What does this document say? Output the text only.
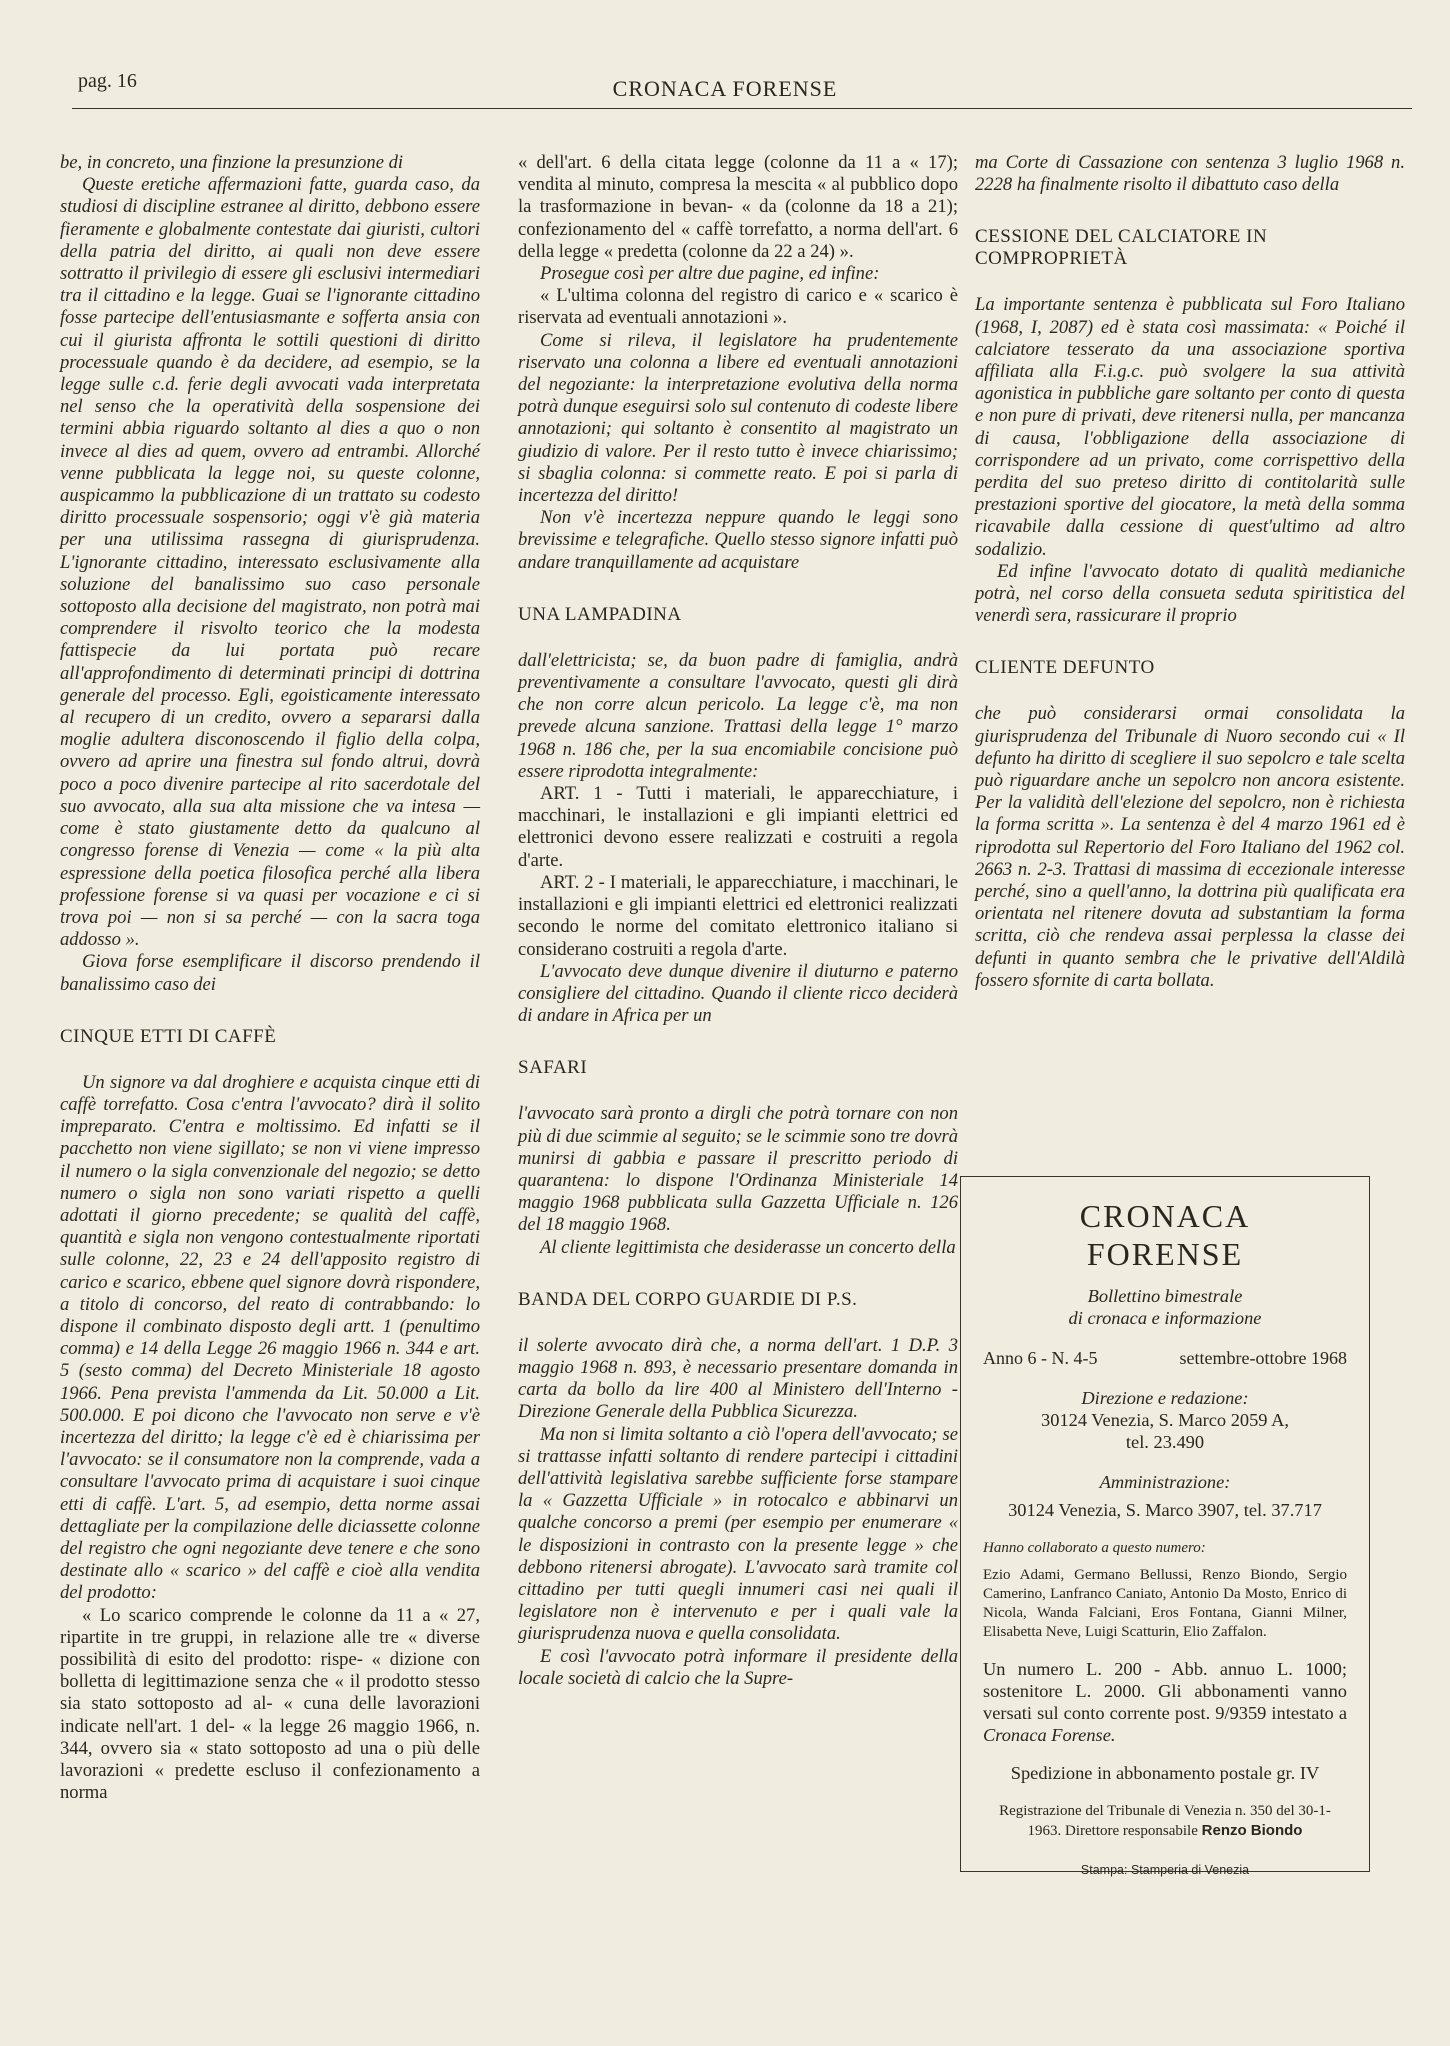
pag. 16	CRONACA FORENSE

be, in concreto, una finzione la presunzione di

Queste eretiche affermazioni fatte, guarda caso, da studiosi di discipline estranee al diritto, debbono essere fieramente e globalmente contestate dai giuristi, cultori della patria del diritto, ai quali non deve essere sottratto il privilegio di essere gli esclusivi intermediari tra il cittadino e la legge. Guai se l'ignorante cittadino fosse partecipe dell'entusiasmante e sofferta ansia con cui il giurista affronta le sottili questioni di diritto processuale quando è da decidere, ad esempio, se la legge sulle c.d. ferie degli avvocati vada interpretata nel senso che la operatività della sospensione dei termini abbia riguardo soltanto al dies a quo o non invece al dies ad quem, ovvero ad entrambi. Allorché venne pubblicata la legge noi, su queste colonne, auspicammo la pubblicazione di un trattato su codesto diritto processuale sospensorio; oggi v'è già materia per una utilissima rassegna di giurisprudenza. L'ignorante cittadino, interessato esclusivamente alla soluzione del banalissimo suo caso personale sottoposto alla decisione del magistrato, non potrà mai comprendere il risvolto teorico che la modesta fattispecie da lui portata può recare all'approfondimento di determinati principi di dottrina generale del processo. Egli, egoisticamente interessato al recupero di un credito, ovvero a separarsi dalla moglie adultera disconoscendo il figlio della colpa, ovvero ad aprire una finestra sul fondo altrui, dovrà poco a poco divenire partecipe al rito sacerdotale del suo avvocato, alla sua alta missione che va intesa — come è stato giustamente detto da qualcuno al congresso forense di Venezia — come « la più alta espressione della poetica filosofica perché alla libera professione forense si va quasi per vocazione e ci si trova poi — non si sa perché — con la sacra toga addosso ».

Giova forse esemplificare il discorso prendendo il banalissimo caso dei

CINQUE ETTI DI CAFFÈ

Un signore va dal droghiere e acquista cinque etti di caffè torrefatto. Cosa c'entra l'avvocato? dirà il solito impreparato. C'entra e moltissimo. Ed infatti se il pacchetto non viene sigillato; se non vi viene impresso il numero o la sigla convenzionale del negozio; se detto numero o sigla non sono variati rispetto a quelli adottati il giorno precedente; se qualità del caffè, quantità e sigla non vengono contestualmente riportati sulle colonne, 22, 23 e 24 dell'apposito registro di carico e scarico, ebbene quel signore dovrà rispondere, a titolo di concorso, del reato di contrabbando: lo dispone il combinato disposto degli artt. 1 (penultimo comma) e 14 della Legge 26 maggio 1966 n. 344 e art. 5 (sesto comma) del Decreto Ministeriale 18 agosto 1966. Pena prevista l'ammenda da Lit. 50.000 a Lit. 500.000. E poi dicono che l'avvocato non serve e v'è incertezza del diritto; la legge c'è ed è chiarissima per l'avvocato: se il consumatore non la comprende, vada a consultare l'avvocato prima di acquistare i suoi cinque etti di caffè. L'art. 5, ad esempio, detta norme assai dettagliate per la compilazione delle diciassette colonne del registro che ogni negoziante deve tenere e che sono destinate allo « scarico » del caffè e cioè alla vendita del prodotto:

« Lo scarico comprende le colonne da 11 a « 27, ripartite in tre gruppi, in relazione alle tre « diverse possibilità di esito del prodotto: rispe- « dizione con bolletta di legittimazione senza che « il prodotto stesso sia stato sottoposto ad al- « cuna delle lavorazioni indicate nell'art. 1 del- « la legge 26 maggio 1966, n. 344, ovvero sia « stato sottoposto ad una o più delle lavorazioni « predette escluso il confezionamento a norma

« dell'art. 6 della citata legge (colonne da 11 a « 17); vendita al minuto, compresa la mescita « al pubblico dopo la trasformazione in bevan- « da (colonne da 18 a 21); confezionamento del « caffè torrefatto, a norma dell'art. 6 della legge « predetta (colonne da 22 a 24) ».

Prosegue così per altre due pagine, ed infine:

« L'ultima colonna del registro di carico e « scarico è riservata ad eventuali annotazioni ».

Come si rileva, il legislatore ha prudentemente riservato una colonna a libere ed eventuali annotazioni del negoziante: la interpretazione evolutiva della norma potrà dunque eseguirsi solo sul contenuto di codeste libere annotazioni; qui soltanto è consentito al magistrato un giudizio di valore. Per il resto tutto è invece chiarissimo; si sbaglia colonna: si commette reato. E poi si parla di incertezza del diritto!

Non v'è incertezza neppure quando le leggi sono brevissime e telegrafiche. Quello stesso signore infatti può andare tranquillamente ad acquistare

UNA LAMPADINA

dall'elettricista; se, da buon padre di famiglia, andrà preventivamente a consultare l'avvocato, questi gli dirà che non corre alcun pericolo. La legge c'è, ma non prevede alcuna sanzione. Trattasi della legge 1° marzo 1968 n. 186 che, per la sua encomiabile concisione può essere riprodotta integralmente:

ART. 1 - Tutti i materiali, le apparecchiature, i macchinari, le installazioni e gli impianti elettrici ed elettronici devono essere realizzati e costruiti a regola d'arte.

ART. 2 - I materiali, le apparecchiature, i macchinari, le installazioni e gli impianti elettrici ed elettronici realizzati secondo le norme del comitato elettronico italiano si considerano costruiti a regola d'arte.

L'avvocato deve dunque divenire il diuturno e paterno consigliere del cittadino. Quando il cliente ricco deciderà di andare in Africa per un

SAFARI

l'avvocato sarà pronto a dirgli che potrà tornare con non più di due scimmie al seguito; se le scimmie sono tre dovrà munirsi di gabbia e passare il prescritto periodo di quarantena: lo dispone l'Ordinanza Ministeriale 14 maggio 1968 pubblicata sulla Gazzetta Ufficiale n. 126 del 18 maggio 1968.

Al cliente legittimista che desiderasse un concerto della

BANDA DEL CORPO GUARDIE DI P.S.

il solerte avvocato dirà che, a norma dell'art. 1 D.P. 3 maggio 1968 n. 893, è necessario presentare domanda in carta da bollo da lire 400 al Ministero dell'Interno - Direzione Generale della Pubblica Sicurezza.

Ma non si limita soltanto a ciò l'opera dell'avvocato; se si trattasse infatti soltanto di rendere partecipi i cittadini dell'attività legislativa sarebbe sufficiente forse stampare la « Gazzetta Ufficiale » in rotocalco e abbinarvi un qualche concorso a premi (per esempio per enumerare « le disposizioni in contrasto con la presente legge » che debbono ritenersi abrogate). L'avvocato sarà tramite col cittadino per tutti quegli innumeri casi nei quali il legislatore non è intervenuto e per i quali vale la giurisprudenza nuova e quella consolidata.

E così l'avvocato potrà informare il presidente della locale società di calcio che la Supre-

ma Corte di Cassazione con sentenza 3 luglio 1968 n. 2228 ha finalmente risolto il dibattuto caso della

CESSIONE DEL CALCIATORE IN COMPROPRIETÀ

La importante sentenza è pubblicata sul Foro Italiano (1968, I, 2087) ed è stata così massimata: « Poiché il calciatore tesserato da una associazione sportiva affiliata alla F.i.g.c. può svolgere la sua attività agonistica in pubbliche gare soltanto per conto di questa e non pure di privati, deve ritenersi nulla, per mancanza di causa, l'obbligazione della associazione di corrispondere ad un privato, come corrispettivo della perdita del suo preteso diritto di contitolarità sulle prestazioni sportive del giocatore, la metà della somma ricavabile dalla cessione di quest'ultimo ad altro sodalizio.

Ed infine l'avvocato dotato di qualità medianiche potrà, nel corso della consueta seduta spiritistica del venerdì sera, rassicurare il proprio

CLIENTE DEFUNTO

che può considerarsi ormai consolidata la giurisprudenza del Tribunale di Nuoro secondo cui « Il defunto ha diritto di scegliere il suo sepolcro e tale scelta può riguardare anche un sepolcro non ancora esistente. Per la validità dell'elezione del sepolcro, non è richiesta la forma scritta ». La sentenza è del 4 marzo 1961 ed è riprodotta sul Repertorio del Foro Italiano del 1962 col. 2663 n. 2-3. Trattasi di massima di eccezionale interesse perché, sino a quell'anno, la dottrina più qualificata era orientata nel ritenere dovuta ad substantiam la forma scritta, ciò che rendeva assai perplessa la classe dei defunti in quanto sembra che le privative dell'Aldilà fossero sfornite di carta bollata.

CRONACA
FORENSE
Bollettino bimestrale
di cronaca e informazione
Anno 6 - N. 4-5	settembre-ottobre 1968
Direzione e redazione:
30124 Venezia, S. Marco 2059 A,
tel. 23.490
Amministrazione:
30124 Venezia, S. Marco 3907, tel. 37.717
Hanno collaborato a questo numero:
Ezio Adami, Germano Bellussi, Renzo Biondo, Sergio Camerino, Lanfranco Caniato, Antonio Da Mosto, Enrico di Nicola, Wanda Falciani, Eros Fontana, Gianni Milner, Elisabetta Neve, Luigi Scatturin, Elio Zaffalon.
Un numero L. 200 - Abb. annuo L. 1000; sostenitore L. 2000. Gli abbonamenti vanno versati sul conto corrente post. 9/9359 intestato a Cronaca Forense.
Spedizione in abbonamento postale gr. IV
Registrazione del Tribunale di Venezia n. 350 del 30-1-1963. Direttore responsabile Renzo Biondo
Stampa: Stamperia di Venezia
